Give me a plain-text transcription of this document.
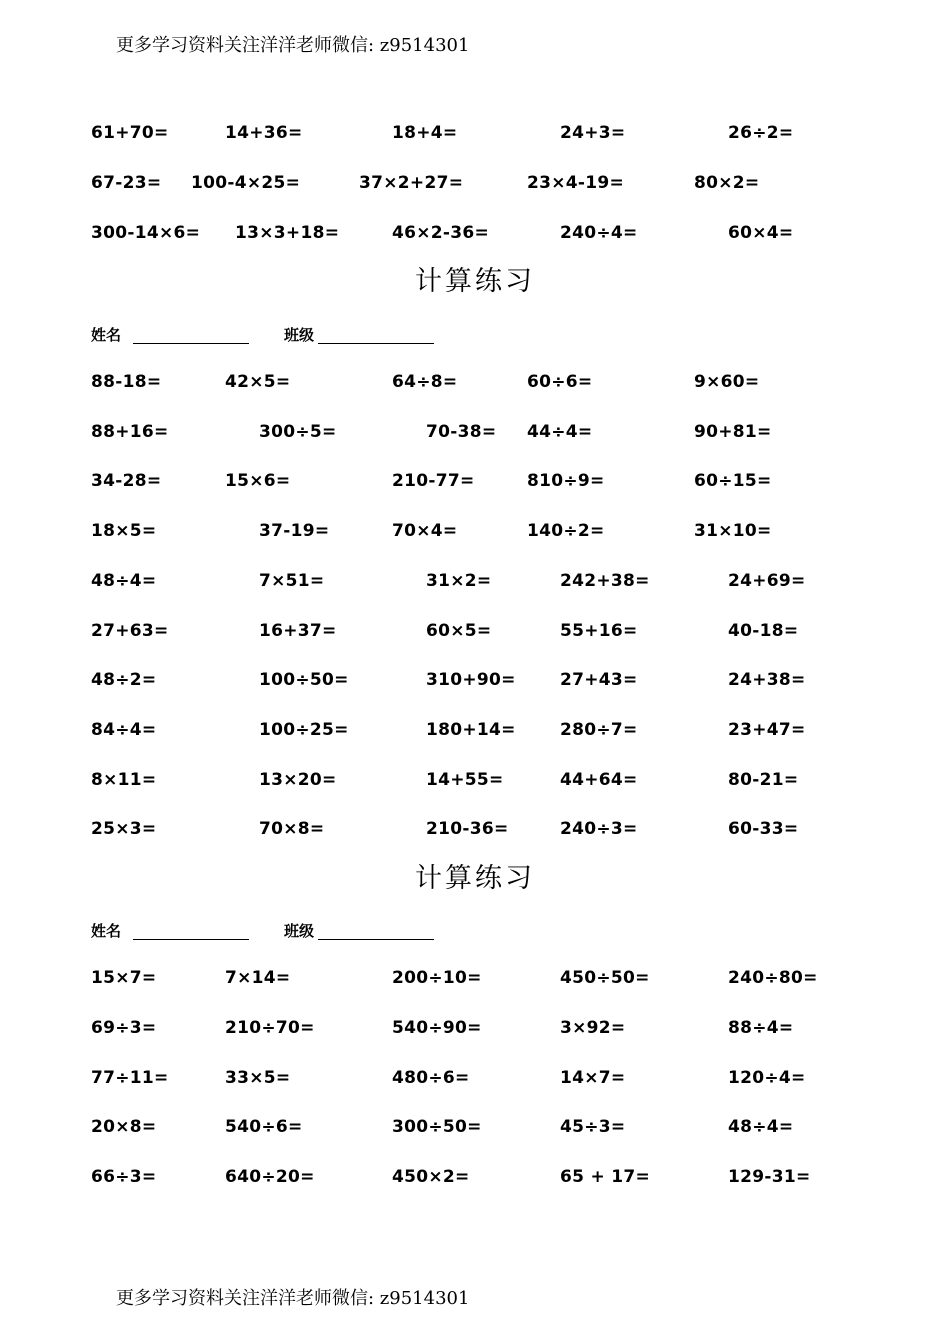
更多学习资料关注洋洋老师微信: z9514301
61+70=	14+36=	18+4=	24+3=	26÷2=
67-23= 100-4×25=	37×2+27=	23×4-19=	80×2=
300-14×6= 13×3+18=	46×2-36=	240÷4=	60×4=
计算练习
姓名	班级
88-18=	42×5=	64÷8=	60÷6=	9×60=
88+16=	300÷5=	70-38= 44÷4=	90+81=
34-28=	15×6=	210-77=	810÷9=	60÷15=
18×5=	37-19=	70×4=	140÷2=	31×10=
48÷4=	7×51=	31×2=	242+38=	24+69=
27+63=	16+37=	60×5=	55+16=	40-18=
48÷2=	100÷50=	310+90=	27+43=	24+38=
84÷4=	100÷25=	180+14=	280÷7=	23+47=
8×11=	13×20=	14+55=	44+64=	80-21=
25×3=	70×8=	210-36=	240÷3=	60-33=
计算练习
姓名	班级
15×7=	7×14=	200÷10=	450÷50=	240÷80=
69÷3=	210÷70=	540÷90=	3×92=	88÷4=
77÷11=	33×5=	480÷6=	14×7=	120÷4=
20×8=	540÷6=	300÷50=	45÷3=	48÷4=
66÷3=	640÷20=	450×2=	65 + 17=	129-31=
更多学习资料关注洋洋老师微信: z9514301
